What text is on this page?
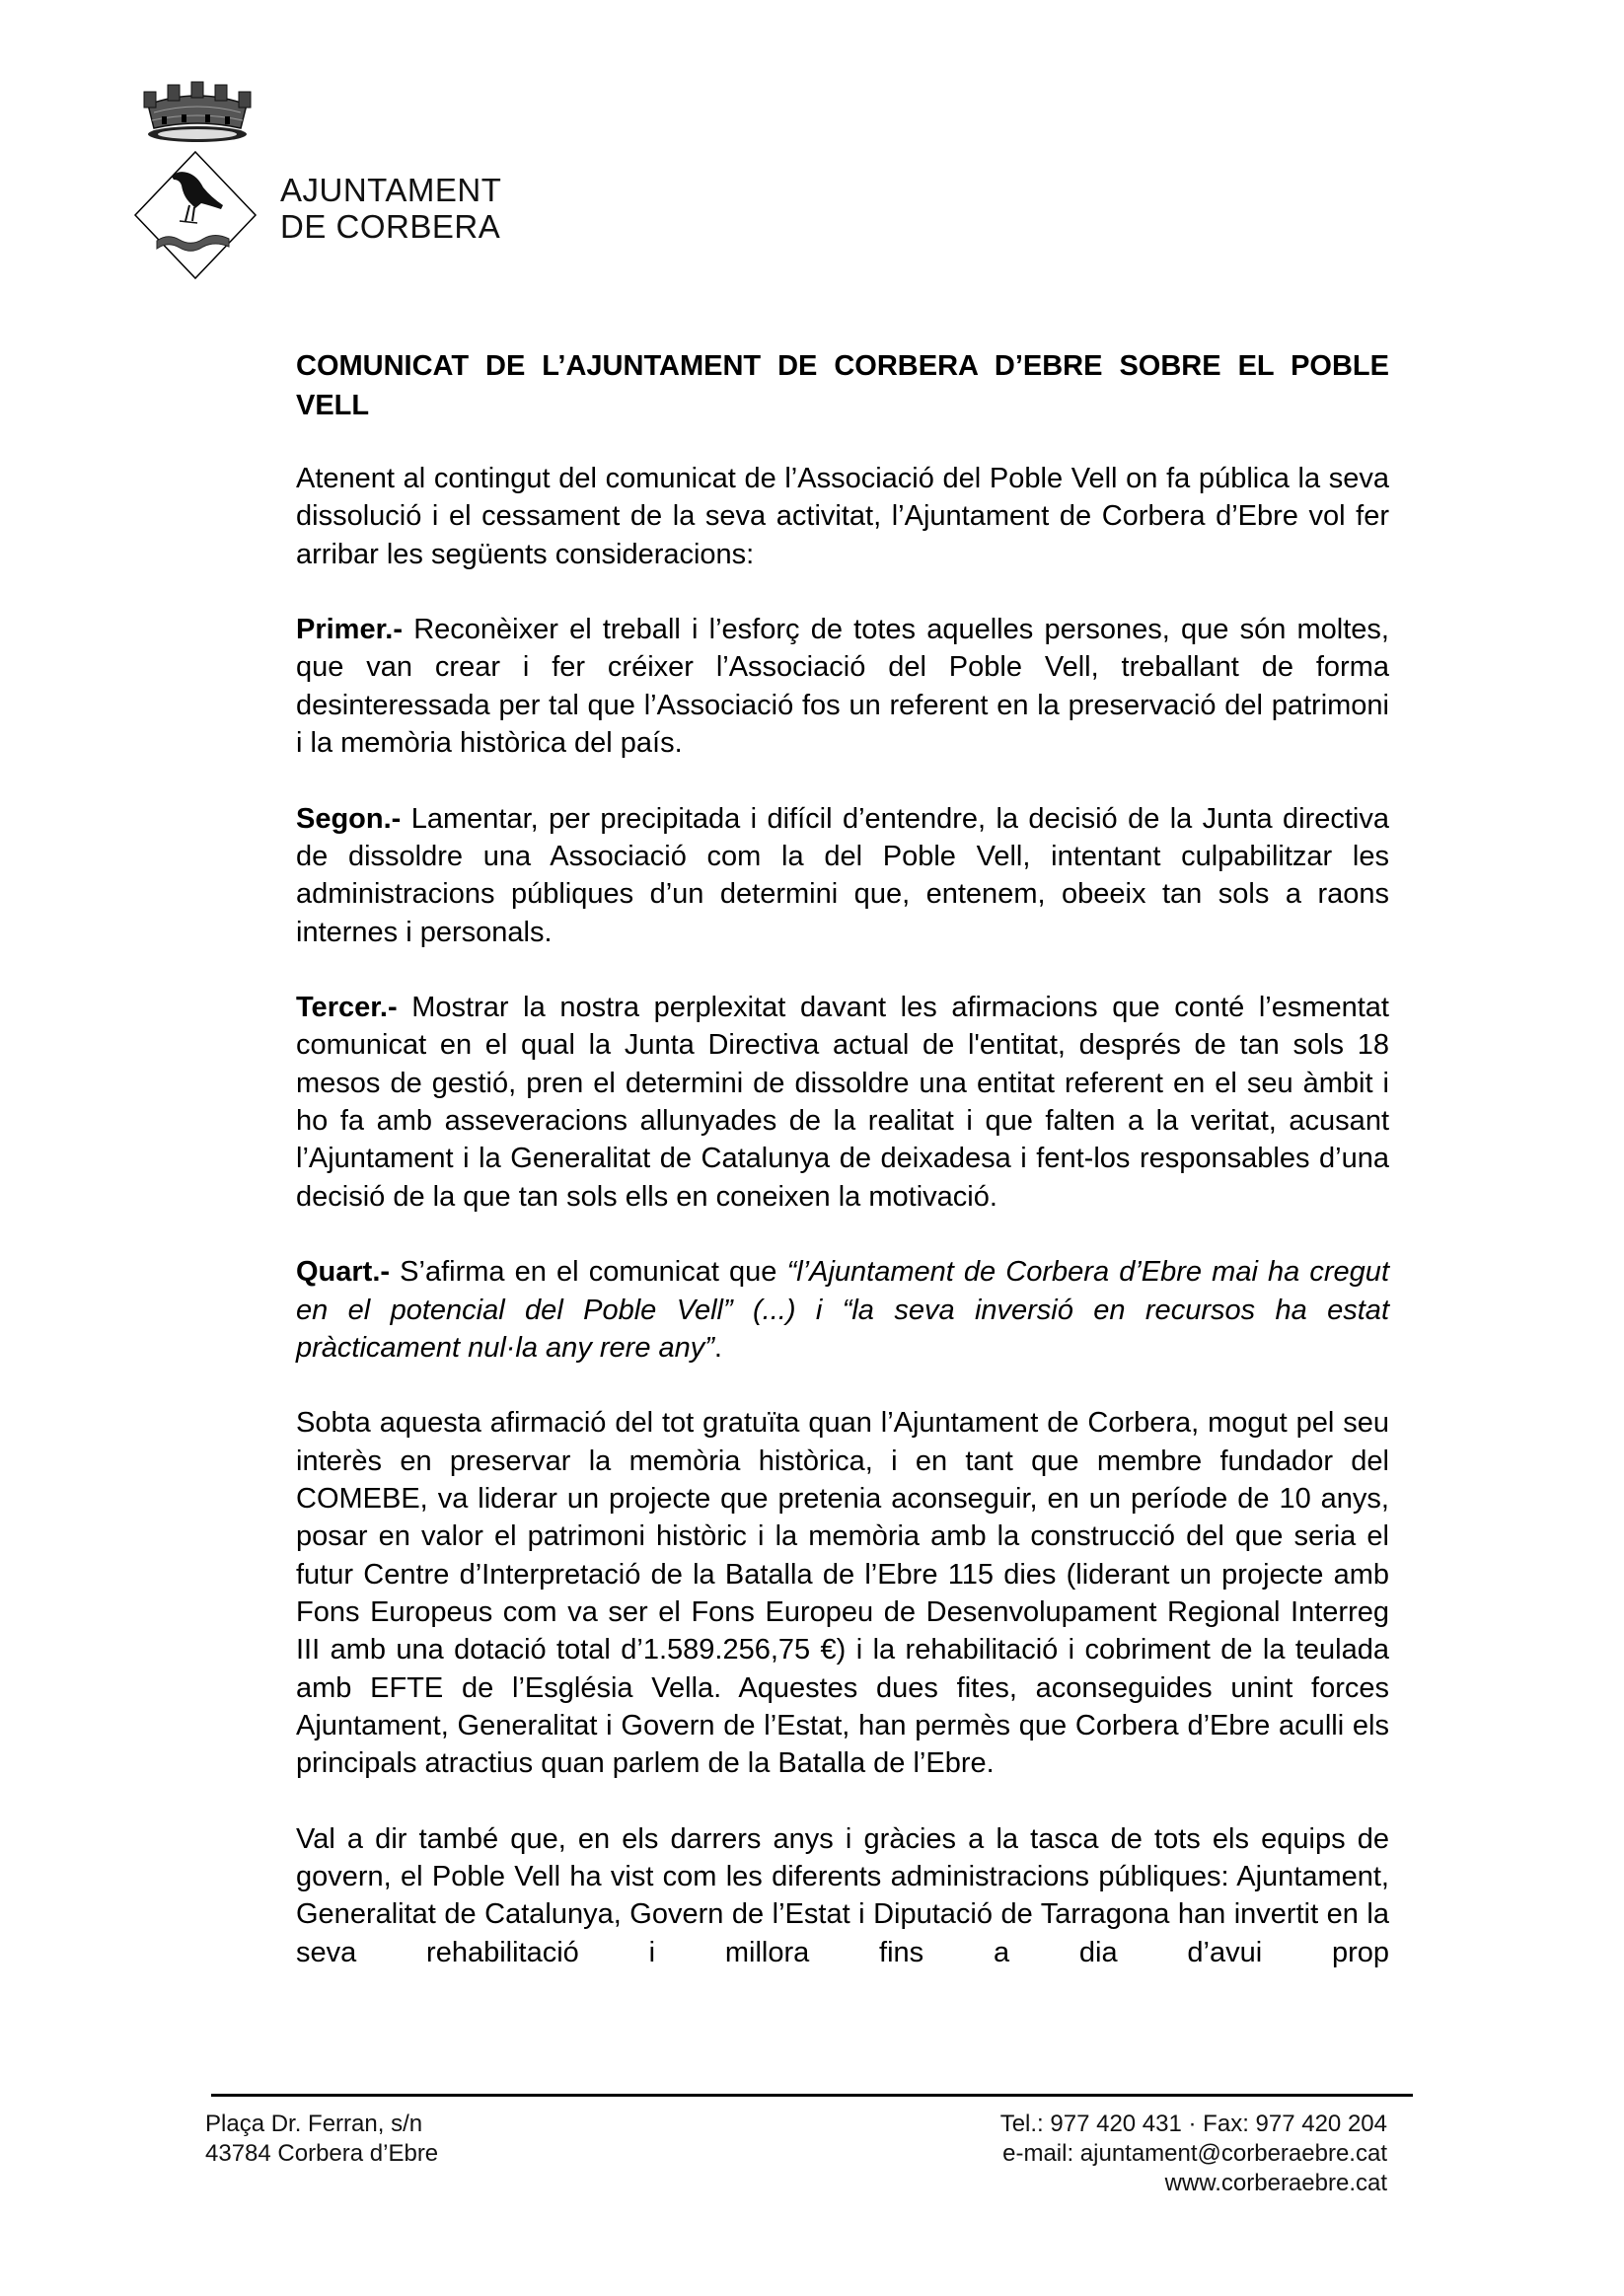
AJUNTAMENT
DE CORBERA
COMUNICAT DE L’AJUNTAMENT DE CORBERA D’EBRE SOBRE EL POBLE VELL

Atenent al contingut del comunicat de l’Associació del Poble Vell on fa pública la seva dissolució i el cessament de la seva activitat, l’Ajuntament de Corbera d’Ebre vol fer arribar les següents consideracions:

Primer.- Reconèixer el treball i l’esforç de totes aquelles persones, que són moltes, que van crear i fer créixer l’Associació del Poble Vell, treballant de forma desinteressada per tal que l’Associació fos un referent en la preservació del patrimoni i la memòria històrica del país.

Segon.- Lamentar, per precipitada i difícil d’entendre, la decisió de la Junta directiva de dissoldre una Associació com la del Poble Vell, intentant culpabilitzar les administracions públiques d’un determini que, entenem, obeeix tan sols a raons internes i personals.

Tercer.- Mostrar la nostra perplexitat davant les afirmacions que conté l’esmentat comunicat en el qual la Junta Directiva actual de l'entitat, després de tan sols 18 mesos de gestió, pren el determini de dissoldre una entitat referent en el seu àmbit i ho fa amb asseveracions allunyades de la realitat i que falten a la veritat, acusant l’Ajuntament i la Generalitat de Catalunya de deixadesa i fent-los responsables d’una decisió de la que tan sols ells en coneixen la motivació.

Quart.- S’afirma en el comunicat que “l’Ajuntament de Corbera d’Ebre mai ha cregut en el potencial del Poble Vell” (...) i “la seva inversió en recursos ha estat pràcticament nul·la any rere any”.

Sobta aquesta afirmació del tot gratuïta quan l’Ajuntament de Corbera, mogut pel seu interès en preservar la memòria històrica, i en tant que membre fundador del COMEBE, va liderar un projecte que pretenia aconseguir, en un període de 10 anys, posar en valor el patrimoni històric i la memòria amb la construcció del que seria el futur Centre d’Interpretació de la Batalla de l’Ebre 115 dies (liderant un projecte amb Fons Europeus com va ser el Fons Europeu de Desenvolupament Regional Interreg III amb una dotació total d’1.589.256,75 €) i la rehabilitació i cobriment de la teulada amb EFTE de l’Església Vella. Aquestes dues fites, aconseguides unint forces Ajuntament, Generalitat i Govern de l’Estat, han permès que Corbera d’Ebre aculli els principals atractius quan parlem de la Batalla de l’Ebre.

Val a dir també que, en els darrers anys i gràcies a la tasca de tots els equips de govern, el Poble Vell ha vist com les diferents administracions públiques: Ajuntament, Generalitat de Catalunya, Govern de l’Estat i Diputació de Tarragona han invertit en la seva rehabilitació i millora fins a dia d’avui prop

Plaça Dr. Ferran, s/n
43784 Corbera d’Ebre
Tel.: 977 420 431 · Fax: 977 420 204
e-mail: ajuntament@corberaebre.cat
www.corberaebre.cat
